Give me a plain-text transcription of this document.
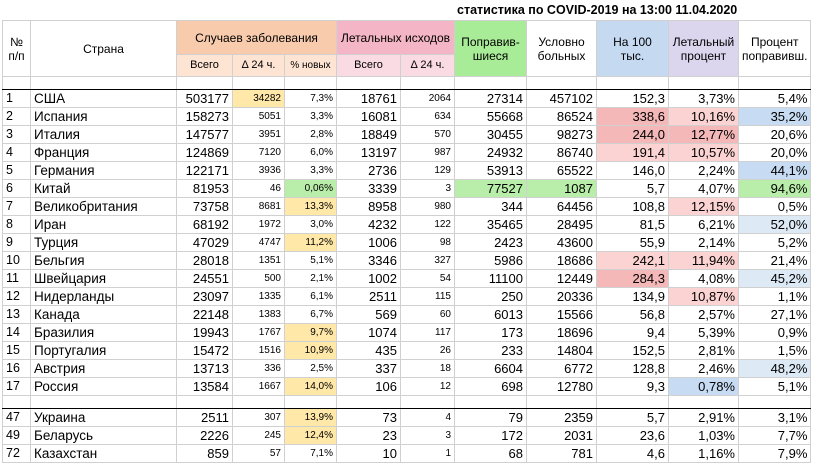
статистика по COVID-2019 на 13:00 11.04.2020
№ п/п	Страна	Случаев заболевания			Летальных исходов		Поправив-шиеся	Условно больных	На 100 тыс.	Летальный процент	Процент поправивш.
		Всего	Δ 24 ч.	% новых	Всего	Δ 24 ч.					

1	США	503177	34282	7,3%	18761	2064	27314	457102	152,3	3,73%	5,4%
2	Испания	158273	5051	3,3%	16081	634	55668	86524	338,6	10,16%	35,2%
3	Италия	147577	3951	2,8%	18849	570	30455	98273	244,0	12,77%	20,6%
4	Франция	124869	7120	6,0%	13197	987	24932	86740	191,4	10,57%	20,0%
5	Германия	122171	3936	3,3%	2736	129	53913	65522	146,0	2,24%	44,1%
6	Китай	81953	46	0,06%	3339	3	77527	1087	5,7	4,07%	94,6%
7	Великобритания	73758	8681	13,3%	8958	980	344	64456	108,8	12,15%	0,5%
8	Иран	68192	1972	3,0%	4232	122	35465	28495	81,5	6,21%	52,0%
9	Турция	47029	4747	11,2%	1006	98	2423	43600	55,9	2,14%	5,2%
10	Бельгия	28018	1351	5,1%	3346	327	5986	18686	242,1	11,94%	21,4%
11	Швейцария	24551	500	2,1%	1002	54	11100	12449	284,3	4,08%	45,2%
12	Нидерланды	23097	1335	6,1%	2511	115	250	20336	134,9	10,87%	1,1%
13	Канада	22148	1383	6,7%	569	60	6013	15566	56,8	2,57%	27,1%
14	Бразилия	19943	1767	9,7%	1074	117	173	18696	9,4	5,39%	0,9%
15	Португалия	15472	1516	10,9%	435	26	233	14804	152,5	2,81%	1,5%
16	Австрия	13713	336	2,5%	337	18	6604	6772	128,8	2,46%	48,2%
17	Россия	13584	1667	14,0%	106	12	698	12780	9,3	0,78%	5,1%

47	Украина	2511	307	13,9%	73	4	79	2359	5,7	2,91%	3,1%
49	Беларусь	2226	245	12,4%	23	3	172	2031	23,6	1,03%	7,7%
72	Казахстан	859	57	7,1%	10	1	68	781	4,6	1,16%	7,9%
